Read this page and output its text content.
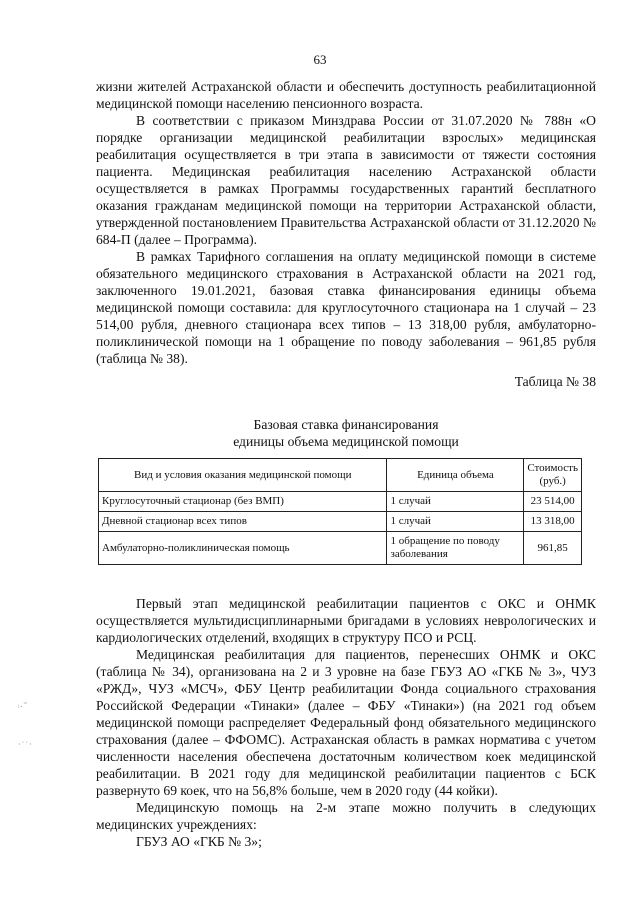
63

жизни жителей Астраханской области и обеспечить доступность реабилитационной медицинской помощи населению пенсионного возраста.

В соответствии с приказом Минздрава России от 31.07.2020 № 788н «О порядке организации медицинской реабилитации взрослых» медицинская реабилитация осуществляется в три этапа в зависимости от тяжести состояния пациента. Медицинская реабилитация населению Астраханской области осуществляется в рамках Программы государственных гарантий бесплатного оказания гражданам медицинской помощи на территории Астраханской области, утвержденной постановлением Правительства Астраханской области от 31.12.2020 № 684-П (далее – Программа).

В рамках Тарифного соглашения на оплату медицинской помощи в системе обязательного медицинского страхования в Астраханской области на 2021 год, заключенного 19.01.2021, базовая ставка финансирования единицы объема медицинской помощи составила: для круглосуточного стационара на 1 случай – 23 514,00 рубля, дневного стационара всех типов – 13 318,00 рубля, амбулаторно-поликлинической помощи на 1 обращение по поводу заболевания – 961,85 рубля (таблица № 38).

Таблица № 38
Базовая ставка финансирования
единицы объема медицинской помощи
Вид и условия оказания медицинской помощи	Единица объема	Стоимость (руб.)
Круглосуточный стационар (без ВМП)	1 случай	23 514,00
Дневной стационар всех типов	1 случай	13 318,00
Амбулаторно-поликлиническая помощь	1 обращение по поводу заболевания	961,85

Первый этап медицинской реабилитации пациентов с ОКС и ОНМК осуществляется мультидисциплинарными бригадами в условиях неврологических и кардиологических отделений, входящих в структуру ПСО и РСЦ.

Медицинская реабилитация для пациентов, перенесших ОНМК и ОКС (таблица № 34), организована на 2 и 3 уровне на базе ГБУЗ АО «ГКБ № 3», ЧУЗ «РЖД», ЧУЗ «МСЧ», ФБУ Центр реабилитации Фонда социального страхования Российской Федерации «Тинаки» (далее – ФБУ «Тинаки») (на 2021 год объем медицинской помощи распределяет Федеральный фонд обязательного медицинского страхования (далее – ФФОМС). Астраханская область в рамках норматива с учетом численности населения обеспечена достаточным количеством коек медицинской реабилитации. В 2021 году для медицинской реабилитации пациентов с БСК развернуто 69 коек, что на 56,8% больше, чем в 2020 году (44 койки).

Медицинскую помощь на 2-м этапе можно получить в следующих медицинских учреждениях:

ГБУЗ АО «ГКБ № 3»;

ᵢ.⁼
·˙˙·
